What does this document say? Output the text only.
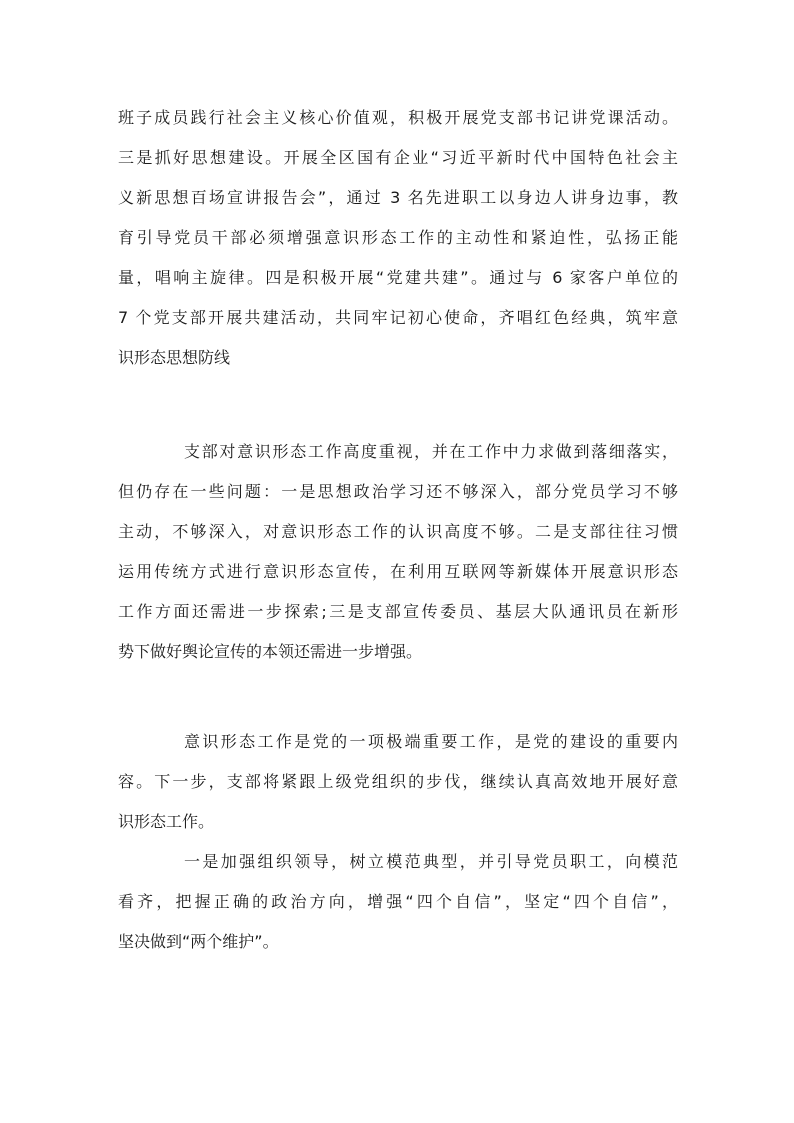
班子成员践行社会主义核心价值观，积极开展党支部书记讲党课活动。
三是抓好思想建设。开展全区国有企业“习近平新时代中国特色社会主
义新思想百场宣讲报告会”，通过 3 名先进职工以身边人讲身边事，教
育引导党员干部必须增强意识形态工作的主动性和紧迫性，弘扬正能
量，唱响主旋律。四是积极开展“党建共建”。通过与 6 家客户单位的
7 个党支部开展共建活动，共同牢记初心使命，齐唱红色经典，筑牢意
识形态思想防线
支部对意识形态工作高度重视，并在工作中力求做到落细落实，
但仍存在一些问题：一是思想政治学习还不够深入，部分党员学习不够
主动，不够深入，对意识形态工作的认识高度不够。二是支部往往习惯
运用传统方式进行意识形态宣传，在利用互联网等新媒体开展意识形态
工作方面还需进一步探索;三是支部宣传委员、基层大队通讯员在新形
势下做好舆论宣传的本领还需进一步增强。
意识形态工作是党的一项极端重要工作，是党的建设的重要内
容。下一步，支部将紧跟上级党组织的步伐，继续认真高效地开展好意
识形态工作。
一是加强组织领导，树立模范典型，并引导党员职工，向模范
看齐，把握正确的政治方向，增强“四个自信”，坚定“四个自信”，
坚决做到“两个维护”。
